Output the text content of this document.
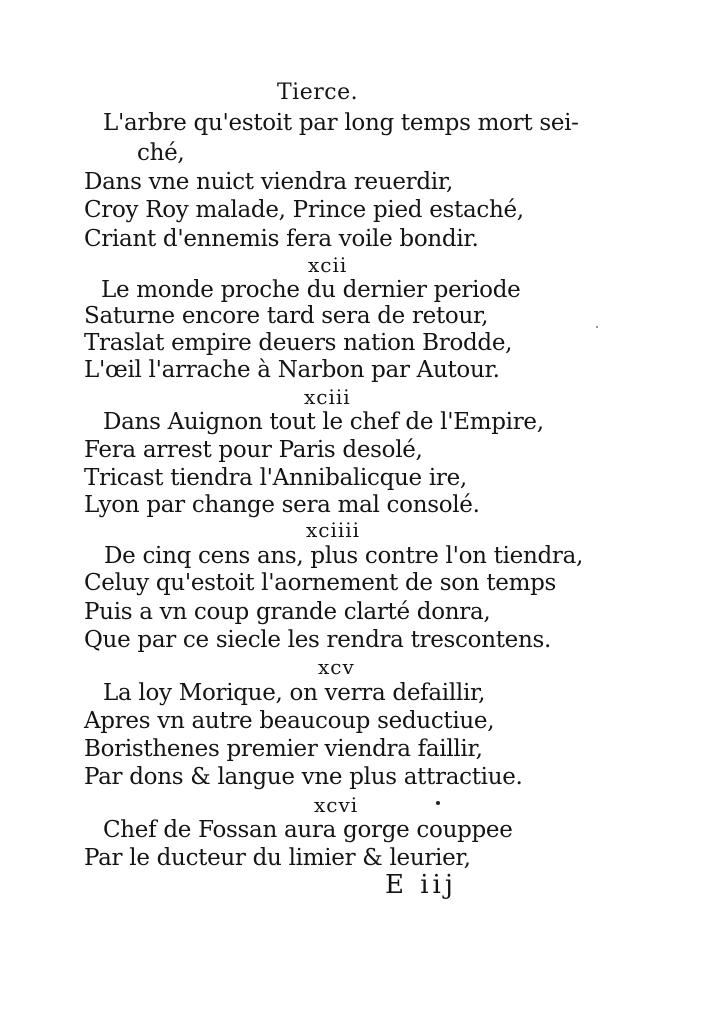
Tierce.
L'arbre qu'estoit par long temps mort sei-
ché,
Dans vne nuict viendra reuerdir,
Croy Roy malade, Prince pied estaché,
Criant d'ennemis fera voile bondir.
xcii
Le monde proche du dernier periode
Saturne encore tard sera de retour,
Traslat empire deuers nation Brodde,
L'œil l'arrache à Narbon par Autour.
xciii
Dans Auignon tout le chef de l'Empire,
Fera arrest pour Paris desolé,
Tricast tiendra l'Annibalicque ire,
Lyon par change sera mal consolé.
xciiii
De cinq cens ans, plus contre l'on tiendra,
Celuy qu'estoit l'aornement de son temps
Puis a vn coup grande clarté donra,
Que par ce siecle les rendra trescontens.
xcv
La loy Morique, on verra defaillir,
Apres vn autre beaucoup seductiue,
Boristhenes premier viendra faillir,
Par dons & langue vne plus attractiue.
xcvi
Chef de Fossan aura gorge couppee
Par le ducteur du limier & leurier,
E iij
